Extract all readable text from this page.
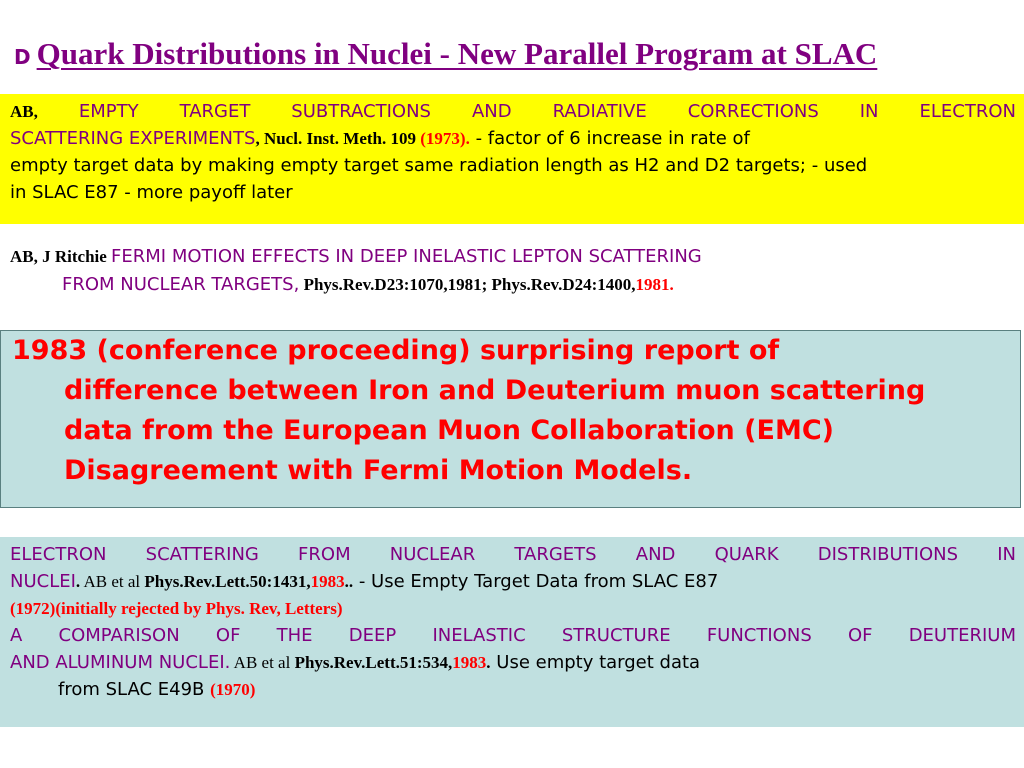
D Quark Distributions in Nuclei - New Parallel Program at SLAC
AB, EMPTY TARGET SUBTRACTIONS AND RADIATIVE CORRECTIONS IN ELECTRON
SCATTERING EXPERIMENTS, Nucl. Inst. Meth. 109 (1973). - factor of 6 increase in rate of
empty target data by making empty target same radiation length as H2 and D2 targets; - used
in SLAC E87 - more payoff later
AB, J Ritchie FERMI MOTION EFFECTS IN DEEP INELASTIC LEPTON SCATTERING
FROM NUCLEAR TARGETS, Phys.Rev.D23:1070,1981; Phys.Rev.D24:1400,1981.
1983 (conference proceeding) surprising report of
difference between Iron and Deuterium muon scattering
data from the European Muon Collaboration (EMC)
Disagreement with Fermi Motion Models.
ELECTRON SCATTERING FROM NUCLEAR TARGETS AND QUARK DISTRIBUTIONS IN
NUCLEI. AB et al Phys.Rev.Lett.50:1431,1983.. - Use Empty Target Data from SLAC E87
(1972)(initially rejected by Phys. Rev, Letters)
A COMPARISON OF THE DEEP INELASTIC STRUCTURE FUNCTIONS OF DEUTERIUM
AND ALUMINUM NUCLEI. AB et al Phys.Rev.Lett.51:534,1983. Use empty target data
from SLAC E49B (1970)
